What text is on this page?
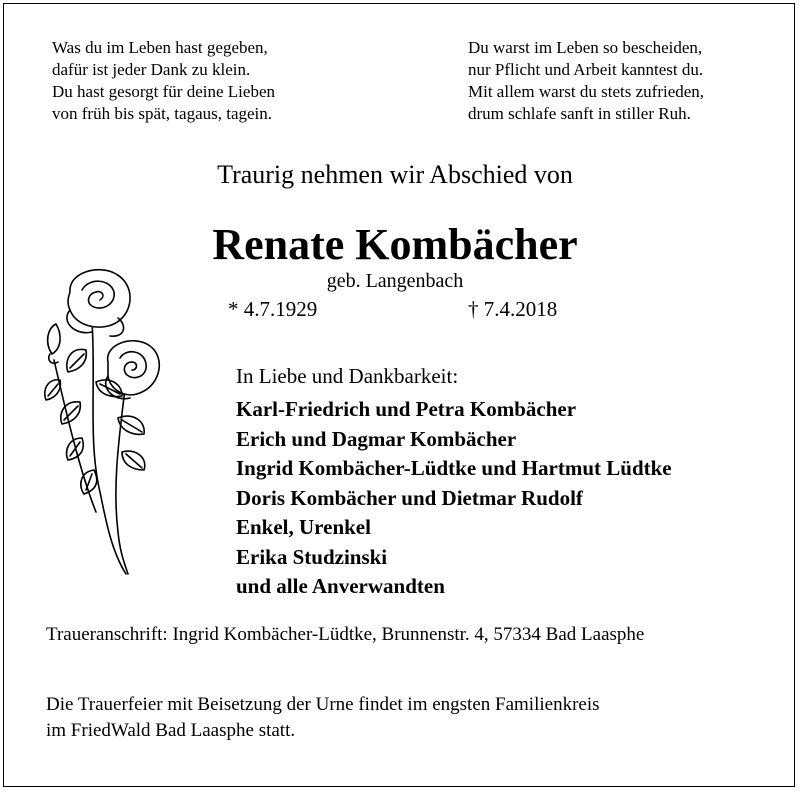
Was du im Leben hast gegeben,
dafür ist jeder Dank zu klein.
Du hast gesorgt für deine Lieben
von früh bis spät, tagaus, tagein.
Du warst im Leben so bescheiden,
nur Pflicht und Arbeit kanntest du.
Mit allem warst du stets zufrieden,
drum schlafe sanft in stiller Ruh.
Traurig nehmen wir Abschied von
Renate Kombächer
geb. Langenbach
* 4.7.1929	† 7.4.2018
In Liebe und Dankbarkeit:
Karl-Friedrich und Petra Kombächer
Erich und Dagmar Kombächer
Ingrid Kombächer-Lüdtke und Hartmut Lüdtke
Doris Kombächer und Dietmar Rudolf
Enkel, Urenkel
Erika Studzinski
und alle Anverwandten
Traueranschrift: Ingrid Kombächer-Lüdtke, Brunnenstr. 4, 57334 Bad Laasphe
Die Trauerfeier mit Beisetzung der Urne findet im engsten Familienkreis
im FriedWald Bad Laasphe statt.
